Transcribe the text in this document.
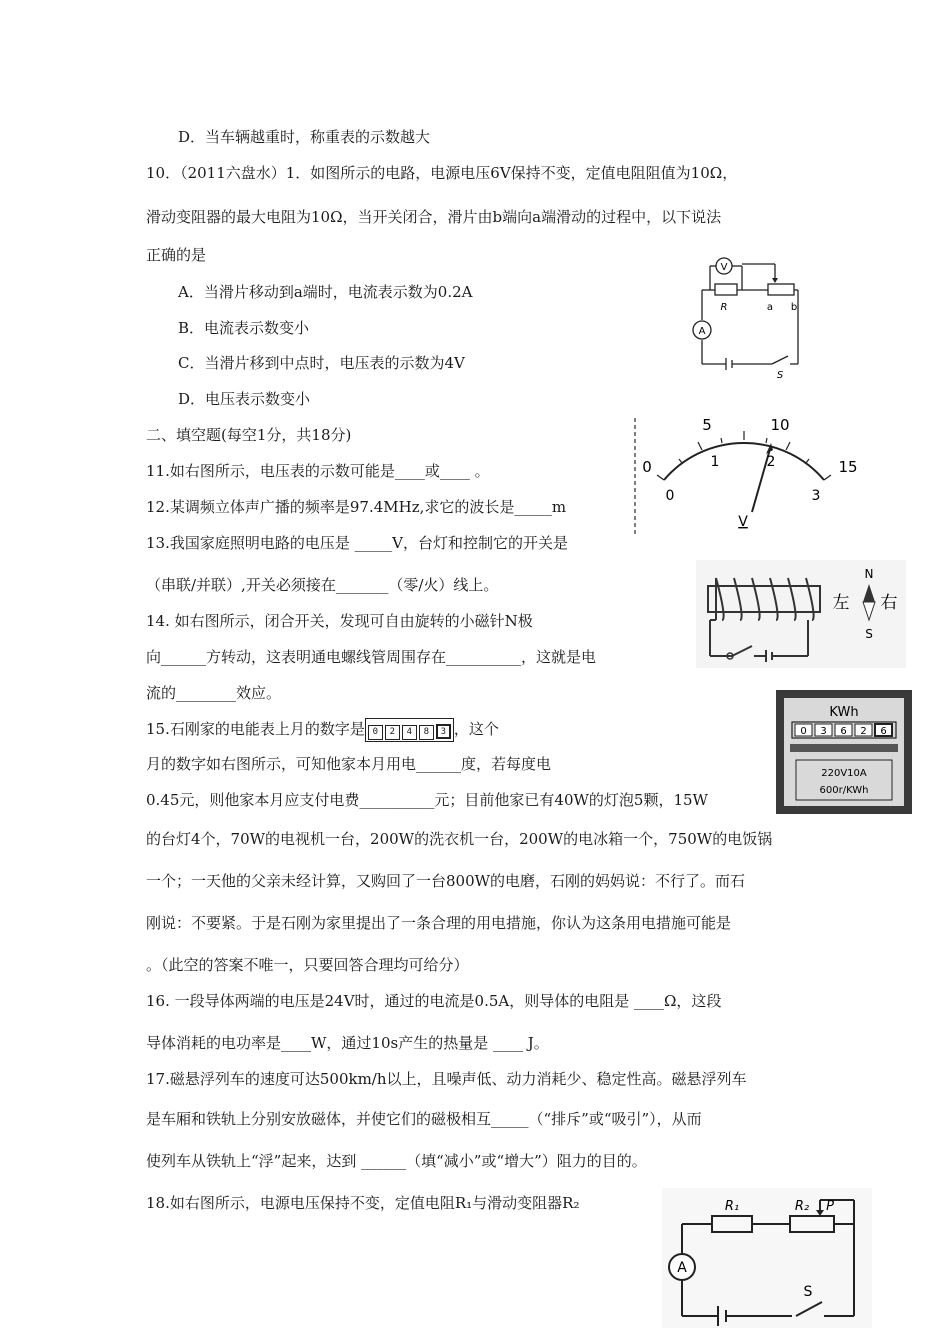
D．当车辆越重时，称重表的示数越大
10．（2011六盘水）1．如图所示的电路，电源电压6V保持不变，定值电阻阻值为10Ω，
滑动变阻器的最大电阻为10Ω，当开关闭合，滑片由b端向a端滑动的过程中，以下说法
正确的是
A．当滑片移动到a端时，电流表示数为0.2A
B．电流表示数变小
C．当滑片移到中点时，电压表的示数为4V
D．电压表示数变小
二、填空题(每空1分，共18分)
11.如右图所示，电压表的示数可能是____或____ 。
12.某调频立体声广播的频率是97.4MHz,求它的波长是_____m
13.我国家庭照明电路的电压是 _____V，台灯和控制它的开关是
（串联/并联）,开关必须接在_______（零/火）线上。
14. 如右图所示，闭合开关，发现可自由旋转的小磁针N极
向______方转动，这表明通电螺线管周围存在__________，这就是电
流的________效应。
15.石刚家的电能表上月的数字是 0 2 4 8 3 ，这个
月的数字如右图所示，可知他家本月用电______度，若每度电
0.45元，则他家本月应支付电费__________元；目前他家已有40W的灯泡5颗，15W
的台灯4个，70W的电视机一台，200W的洗衣机一台，200W的电冰箱一个，750W的电饭锅
一个；一天他的父亲未经计算，又购回了一台800W的电磨，石刚的妈妈说：不行了。而石
刚说：不要紧。于是石刚为家里提出了一条合理的用电措施，你认为这条用电措施可能是
。（此空的答案不唯一，只要回答合理均可给分）
16. 一段导体两端的电压是24V时，通过的电流是0.5A，则导体的电阻是 ____Ω，这段
导体消耗的电功率是____W，通过10s产生的热量是 ____ J。
17.磁悬浮列车的速度可达500km/h以上，且噪声低、动力消耗少、稳定性高。磁悬浮列车
是车厢和铁轨上分别安放磁体，并使它们的磁极相互_____（“排斥”或“吸引”），从而
使列车从铁轨上“浮”起来，达到 ______（填“减小”或“增大”）阻力的目的。
18.如右图所示，电源电压保持不变，定值电阻R₁与滑动变阻器R₂
V
R	a b
A
S
0
5	10
15
0
1	2
3
V
左 右
N
S
KWh
0 3 6 2 6
220V10A
600r/KWh
R₁	R₂ P
A
S
